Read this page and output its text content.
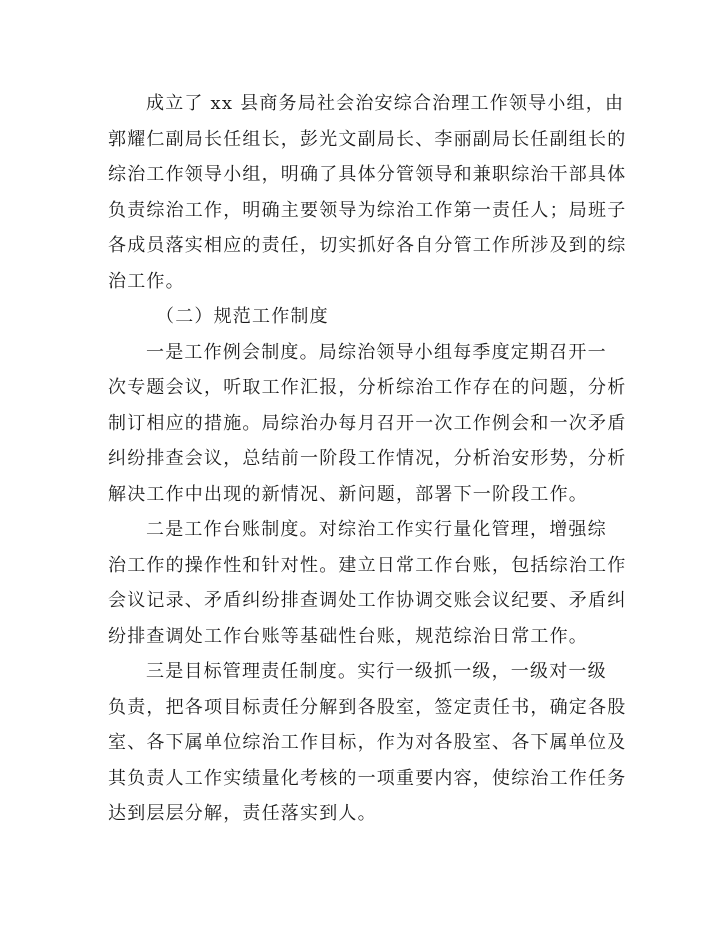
成立了 xx 县商务局社会治安综合治理工作领导小组，由
郭耀仁副局长任组长，彭光文副局长、李丽副局长任副组长的
综治工作领导小组，明确了具体分管领导和兼职综治干部具体
负责综治工作，明确主要领导为综治工作第一责任人；局班子
各成员落实相应的责任，切实抓好各自分管工作所涉及到的综
治工作。
（二）规范工作制度
一是工作例会制度。局综治领导小组每季度定期召开一
次专题会议，听取工作汇报，分析综治工作存在的问题，分析
制订相应的措施。局综治办每月召开一次工作例会和一次矛盾
纠纷排查会议，总结前一阶段工作情况，分析治安形势，分析
解决工作中出现的新情况、新问题，部署下一阶段工作。
二是工作台账制度。对综治工作实行量化管理，增强综
治工作的操作性和针对性。建立日常工作台账，包括综治工作
会议记录、矛盾纠纷排查调处工作协调交账会议纪要、矛盾纠
纷排查调处工作台账等基础性台账，规范综治日常工作。
三是目标管理责任制度。实行一级抓一级，一级对一级
负责，把各项目标责任分解到各股室，签定责任书，确定各股
室、各下属单位综治工作目标，作为对各股室、各下属单位及
其负责人工作实绩量化考核的一项重要内容，使综治工作任务
达到层层分解，责任落实到人。
